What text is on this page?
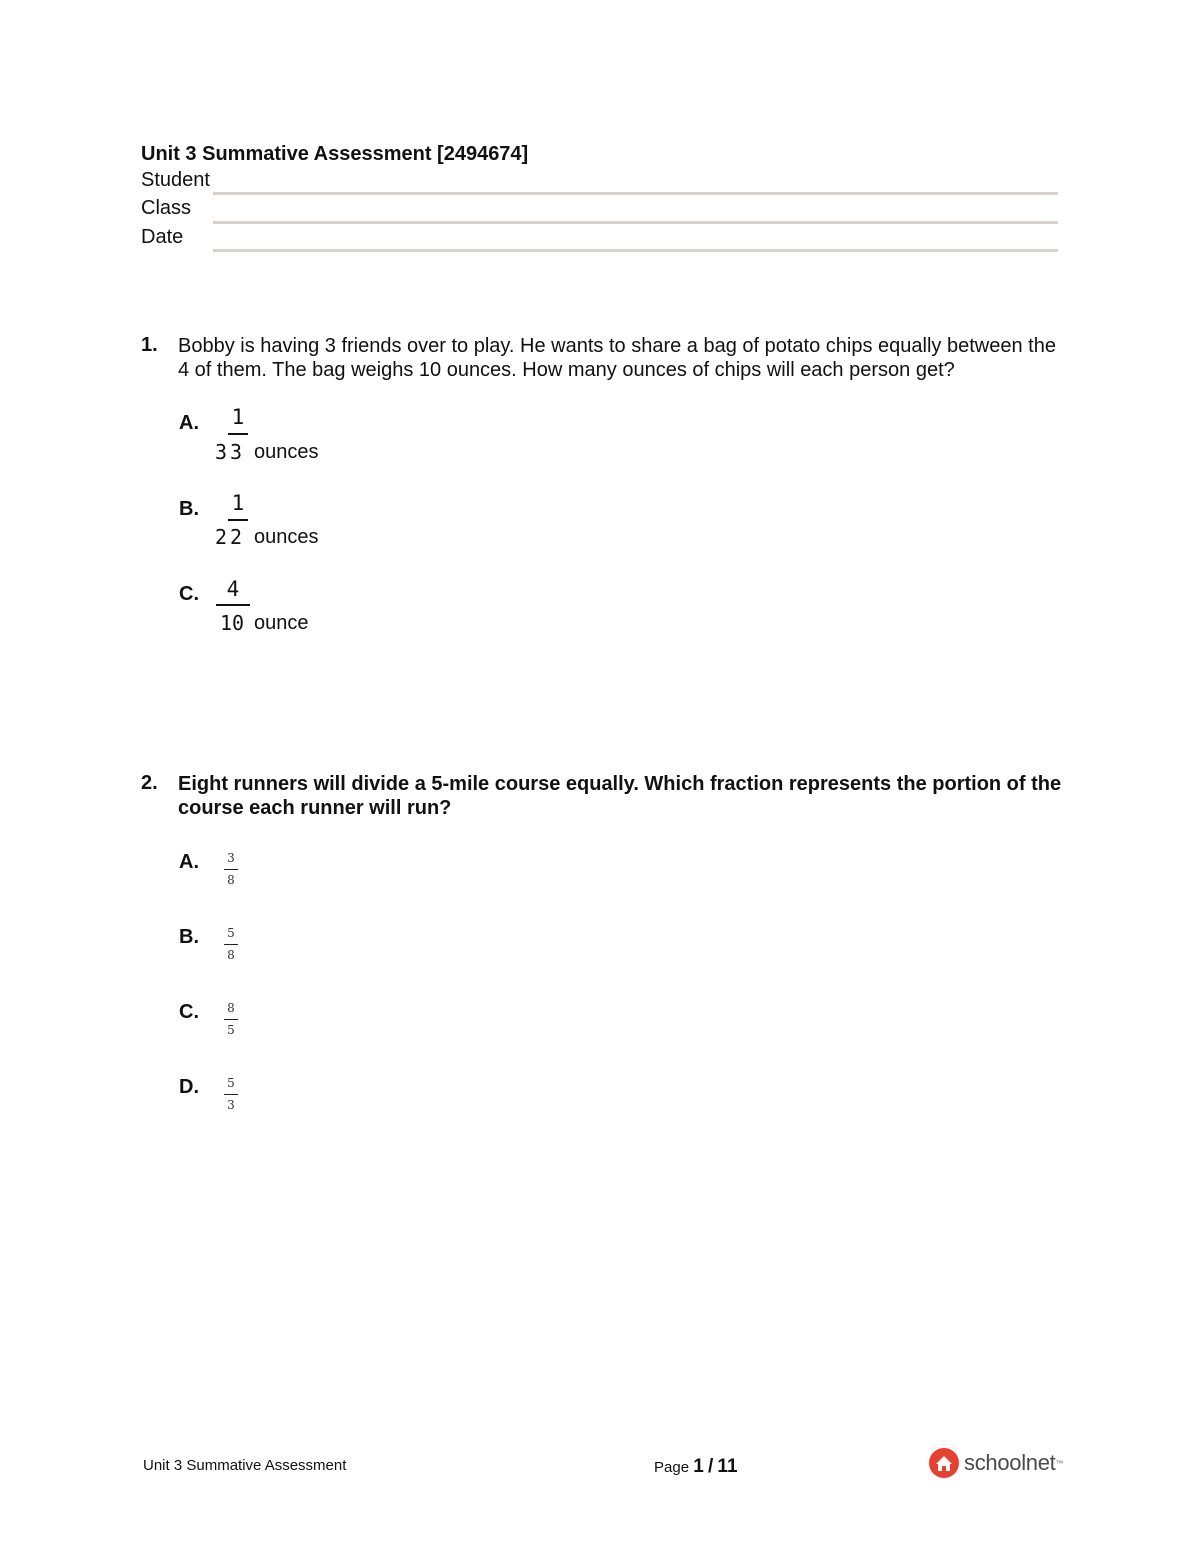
Unit 3 Summative Assessment [2494674]
Student
Class
Date
1. Bobby is having 3 friends over to play. He wants to share a bag of potato chips equally between the 4 of them. The bag weighs 10 ounces. How many ounces of chips will each person get?
A. 1
3 3 ounces
B. 1
2 2 ounces
C.	4
10 ounce
2. Eight runners will divide a 5-mile course equally. Which fraction represents the portion of the course each runner will run?
A. 3
8
B. 5
8
C. 8
5
D. 5
3
Unit 3 Summative Assessment	Page 1 / 11	schoolnet ™
